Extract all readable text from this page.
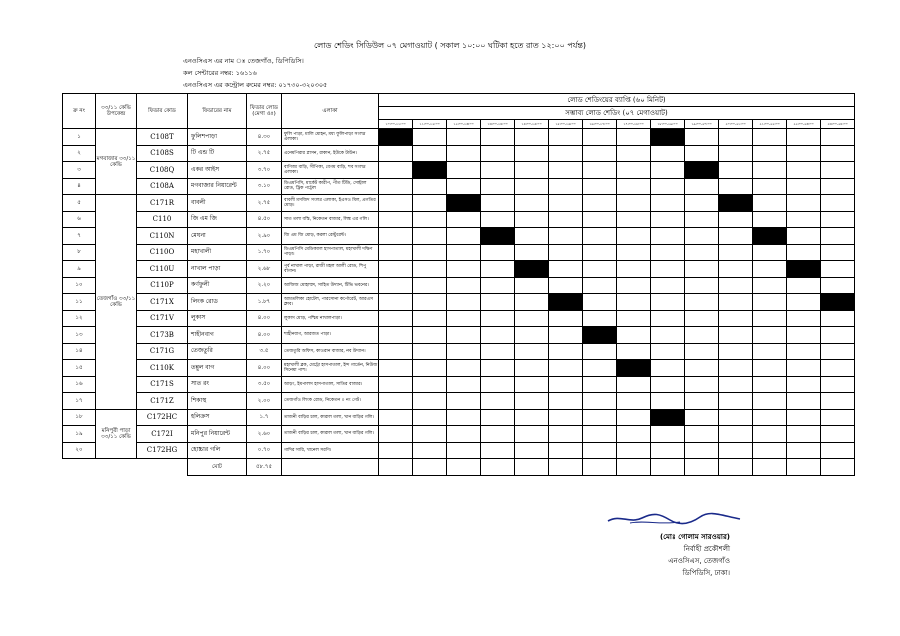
লোড শেডিং সিডিউল ০৭ মেগাওয়াট ( সকাল ১০:০০ ঘটিকা হতে রাত ১২:০০ পর্যন্ত)
এনওসিএস এর নাম ঃ তেজগাঁও, ডিপিডিসি।
কল সেন্টারের নম্বর: ১৬১১৬
এনওসিএস এর কন্ট্রোল রুমের নম্বর: ০১৭৩০-৩২০৩০৫
ক্র নং	৩৩/১১ কেভি উপকেন্দ্র	ফিডার কোড	ফিডারের নাম	ফিডার লোড (মেগা ওঃ)	এলাকা	লোড শেডিংয়ের ব্যাপ্তি (৬০ মিনিট)													
						সম্ভাব্য লোড শেডিং (০৭ মেগাওয়াট)													
						১০:০০-১১:০০	১১:০০-১২:০০	১২:০০-১৩:০০	১৩:০০-১৪:০০	১৪:০০-১৫:০০	১৫:০০-১৬:০০	১৬:০০-১৭:০০	১৭:০০-১৮:০০	১৮:০০-১৯:০০	১৯:০০-২০:০০	২০:০০-২১:০০	২১:০০-২২:০০	২২:০০-২৩:০০	২৩:০০-২৪:০০
১	মগবাজার ৩৩/১১ কেভি	C108T	ফুলিশপাড়া	৪.৩০	ফুলি পাড়া, মালি মোহন, মধ্য ফুলিপাড়া সংলগ্ন এলাকা।														
২		C108S	টি এন্ড টি	২.৭৫	এনেমপিরার প্লাসন, রাকান, ইউকে টাউন।														
৩		C108Q	একর আইস	৩.৭০	বাণিজ্য বাড়ি, সীপিকা, বেগম বাড়ি, শব সংলগ্ন এলাকা।														
৪		C108A	মগবাজার নিয়ারেন্ট	৩.১০	ডিএমপিসি, মার্কেট কারীপ, পীত টিডি, সেন্ট্রাল রোড, ট্রিক পট্টেল														
৫	তেজগাঁও ৩৩/১১ কেভি	C171R	বাবলী	২.৭৫	বাবলী মসজিদ সংলগ্ন এলাকা, ইএসও মিল, প্রগতির মোড়।														
৬		C110	জি এম জি	৪.৫০	সাত তলা বস্তি, নিকেতন বাজার, লিঙ্ক এর গলি।														
৭		C110N	মেঘনা	২.৯০	জি এম জি মোড়, করলা রেস্টুরেন্ট।														
৮		C110O	মহাখালী	১.৭০	ডিএমপিসি মেডিক্যাল হাসপাতাল, মহাখালী দক্ষিণ পাড়া।														
৯		C110U	নাখাল পাড়া	২.৬৮	পূর্ব নাখাল পাড়া, রাজী মহল আলী রোড, শিপু বাগান।														
১০		C110P	কর্ণফুলী	২.২০	আজিজ মোহাম্মদ, সাহিত উদ্যান, টিভি ভবনের।														
১১		C171X	লিংক রোড	১.৮৭	আমতলিকা হোটেল, পারসোনা কর্পোরেট, আরএস ক্লাব।														
১২		C171V	লুকাস	৪.০০	লুকাস মোড়, পশ্চিম নাখালপাড়া।														
১৩		C173B	শাহীনবাগ	৪.০০	শাহীনবাগ, আরজত পাড়া।														
১৪		C171G	তেজতুরি	৩.৫	তেজতুরি অফিস, কাওরান বাজার, নব উদ্যান।														
১৫		C110K	তন্নুল বাগ	৪.০০	মহাখালী ব্লক, মেট্রো হাসপাতাল, ইন্দ গার্ডেন, নিউজ সিনেমা পাশ।														
১৬		C171S	সাত রং	৩.৫০	আড়ং, ইমপালস হাসপাতাল, সাতির বাজার।														
১৭		C171Z	শিকাস্থ	২.০০	তেজগাঁও লিংক রোড, নিকেতন ০ নং গেট।														
১৮	মনিপুরী পাড়া ৩৩/১১ কেভি	C172HC	হলিক্রস	১.৭	তাজনী বাড়ির চাল, কারাল তলা, খান বাড়ির গলি।														
১৯		C172I	মনিপুর নিয়ারেন্ট	২.৬০	তাজনী বাড়ির চাল, কারাল তলা, খান বাড়ির গলি।														
২০		C172HG	হোচ্চার গলি	০.৭০	গাদির সারি, খানেল সরণি।														
			মোট	৫৮.৭৫															
(মোঃ গোলাম সারওয়ার)
নির্বাহী প্রকৌশলী
এনওসিএস, তেজগাঁও
ডিপিডিসি, ঢাকা।
